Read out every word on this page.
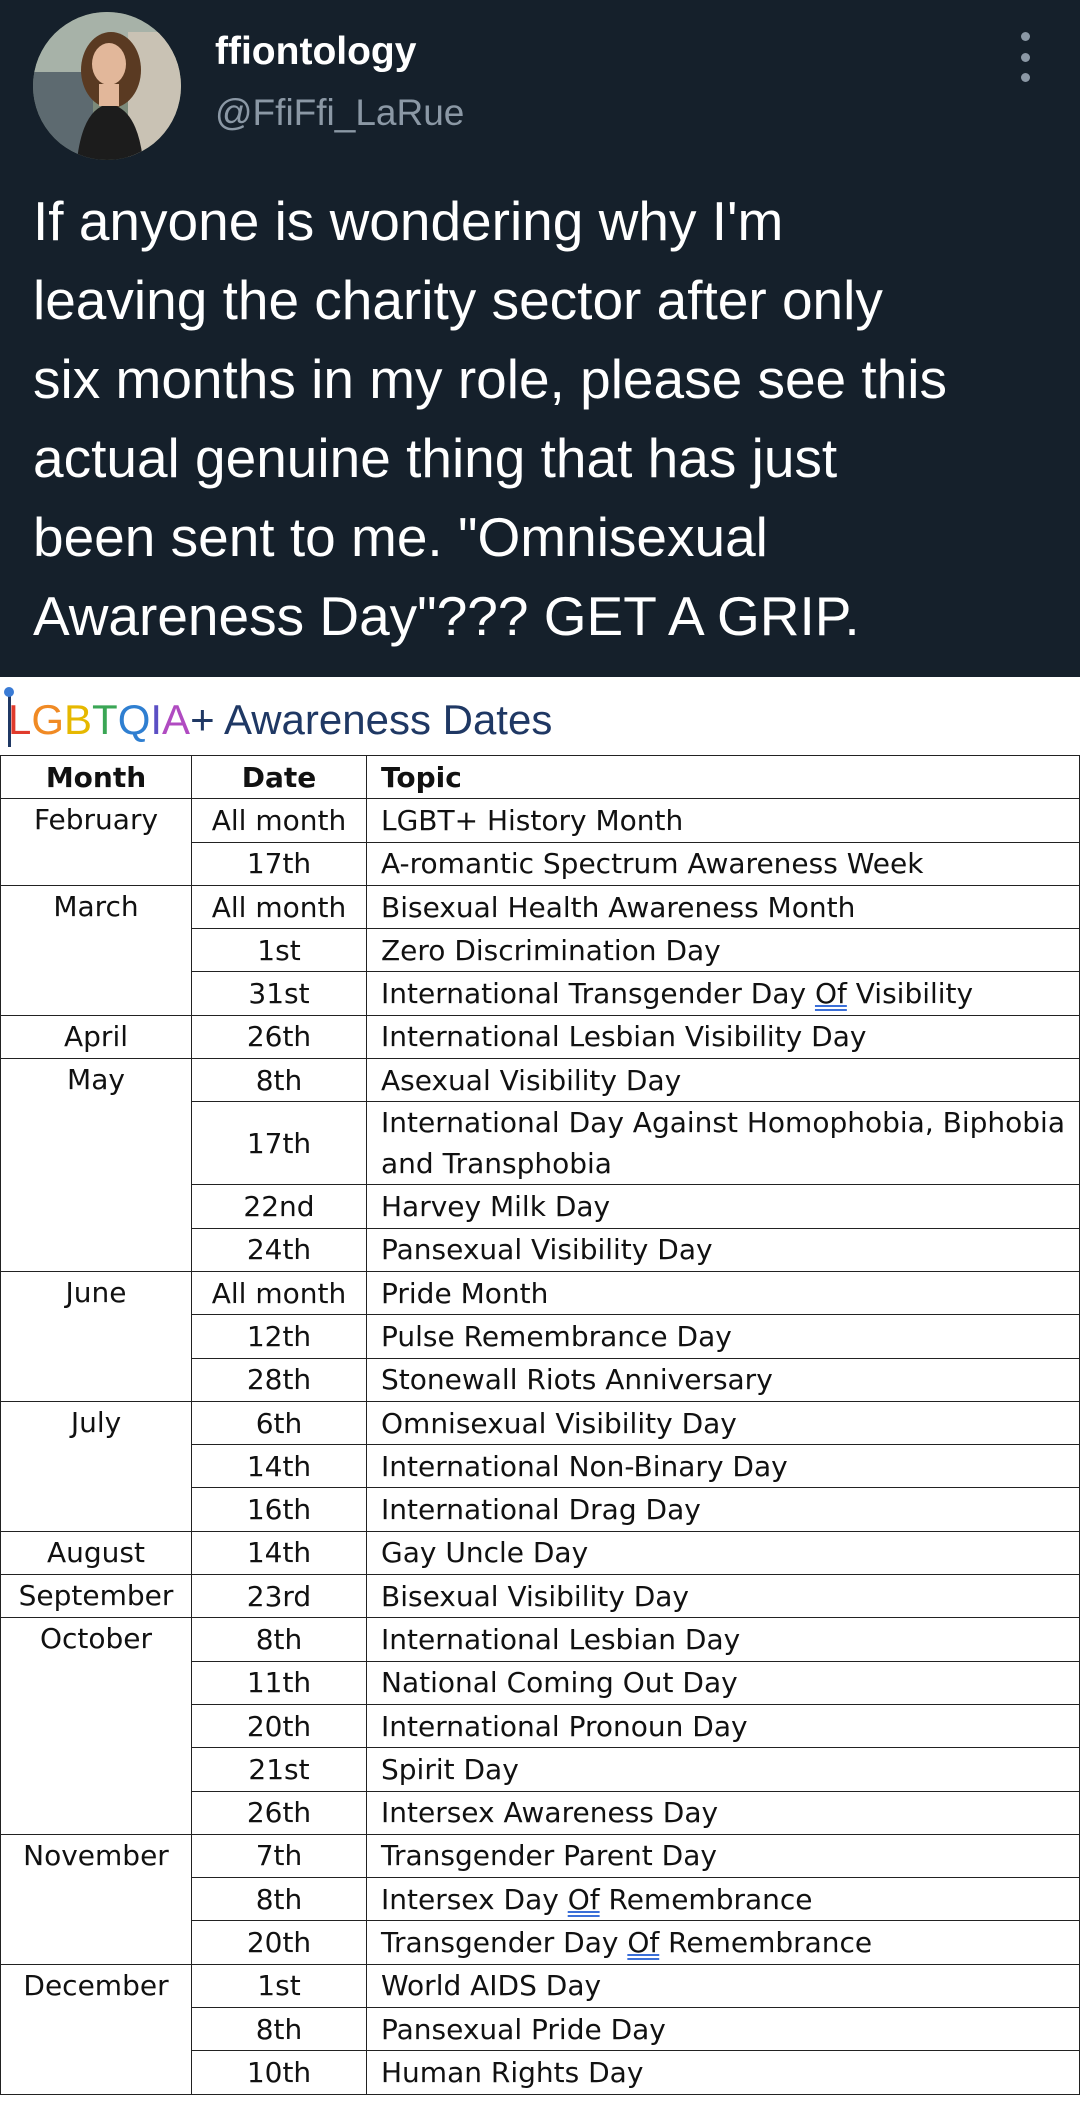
ffiontology
@FfiFfi_LaRue

If anyone is wondering why I'm
leaving the charity sector after only
six months in my role, please see this
actual genuine thing that has just
been sent to me. "Omnisexual
Awareness Day"??? GET A GRIP.

LGBTQIA+ Awareness Dates
Month	Date	Topic
February	All month	LGBT+ History Month
	17th	A-romantic Spectrum Awareness Week
March	All month	Bisexual Health Awareness Month
	1st	Zero Discrimination Day
	31st	International Transgender Day Of Visibility
April	26th	International Lesbian Visibility Day
May	8th	Asexual Visibility Day
	17th	International Day Against Homophobia, Biphobia and Transphobia
	22nd	Harvey Milk Day
	24th	Pansexual Visibility Day
June	All month	Pride Month
	12th	Pulse Remembrance Day
	28th	Stonewall Riots Anniversary
July	6th	Omnisexual Visibility Day
	14th	International Non-Binary Day
	16th	International Drag Day
August	14th	Gay Uncle Day
September	23rd	Bisexual Visibility Day
October	8th	International Lesbian Day
	11th	National Coming Out Day
	20th	International Pronoun Day
	21st	Spirit Day
	26th	Intersex Awareness Day
November	7th	Transgender Parent Day
	8th	Intersex Day Of Remembrance
	20th	Transgender Day Of Remembrance
December	1st	World AIDS Day
	8th	Pansexual Pride Day
	10th	Human Rights Day
